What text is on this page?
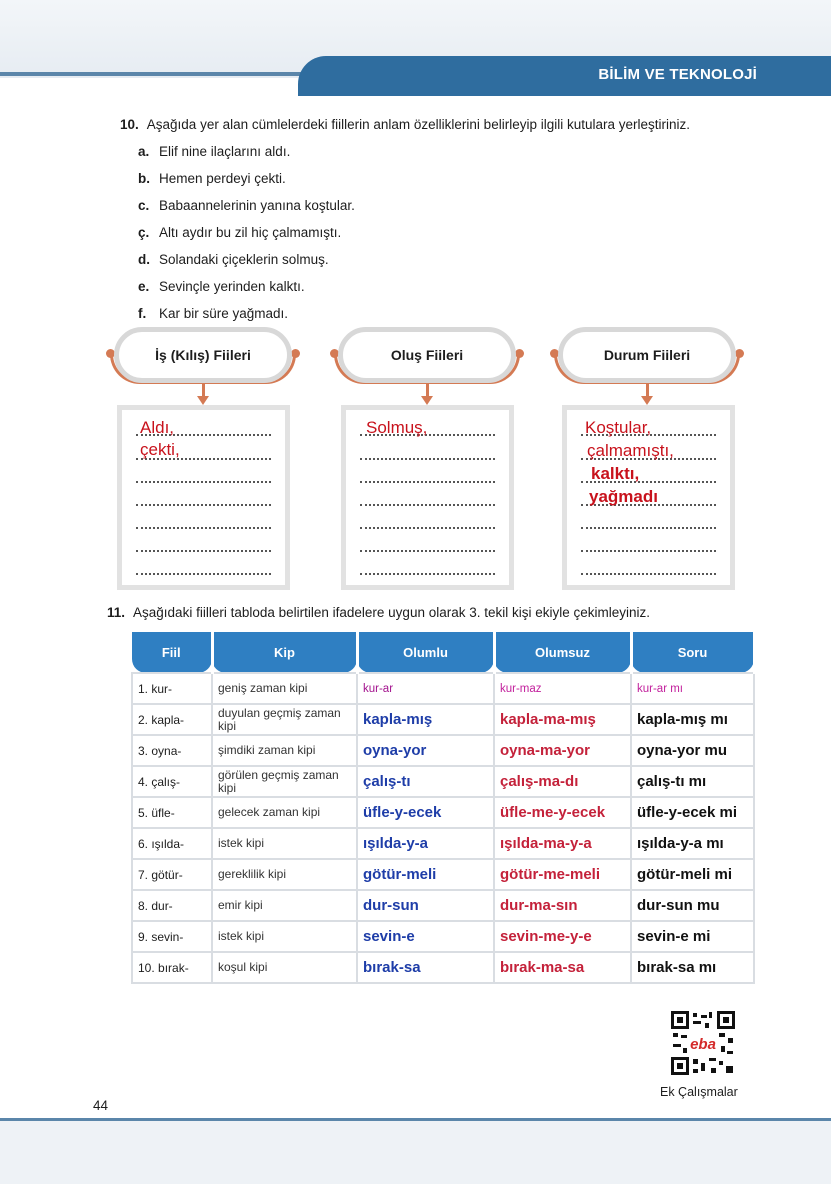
BİLİM VE TEKNOLOJİ
10. Aşağıda yer alan cümlelerdeki fiillerin anlam özelliklerini belirleyip ilgili kutulara yerleştiriniz.
a. Elif nine ilaçlarını aldı.
b. Hemen perdeyi çekti.
c. Babaannelerinin yanına koştular.
ç. Altı aydır bu zil hiç çalmamıştı.
d. Solandaki çiçeklerin solmuş.
e. Sevinçle yerinden kalktı.
f. Kar bir süre yağmadı.
İş (Kılış) Fiileri	Oluş Fiileri	Durum Fiileri
Aldı,
çekti,
Solmuş,	Koştular,
çalmamıştı,
kalktı,
yağmadı
11. Aşağıdaki fiilleri tabloda belirtilen ifadelere uygun olarak 3. tekil kişi ekiyle çekimleyiniz.
Fiil	Kip	Olumlu	Olumsuz	Soru
1. kur-	geniş zaman kipi	kur-ar	kur-maz	kur-ar mı
2. kapla-	duyulan geçmiş zaman kipi	kapla-mış	kapla-ma-mış	kapla-mış mı
3. oyna-	şimdiki zaman kipi	oyna-yor	oyna-ma-yor	oyna-yor mu
4. çalış-	görülen geçmiş zaman kipi	çalış-tı	çalış-ma-dı	çalış-tı mı
5. üfle-	gelecek zaman kipi	üfle-y-ecek	üfle-me-y-ecek	üfle-y-ecek mi
6. ışılda-	istek kipi	ışılda-y-a	ışılda-ma-y-a	ışılda-y-a mı
7. götür-	gereklilik kipi	götür-meli	götür-me-meli	götür-meli mi
8. dur-	emir kipi	dur-sun	dur-ma-sın	dur-sun mu
9. sevin-	istek kipi	sevin-e	sevin-me-y-e	sevin-e mi
10. bırak-	koşul kipi	bırak-sa	bırak-ma-sa	bırak-sa mı
eba
Ek Çalışmalar
44
